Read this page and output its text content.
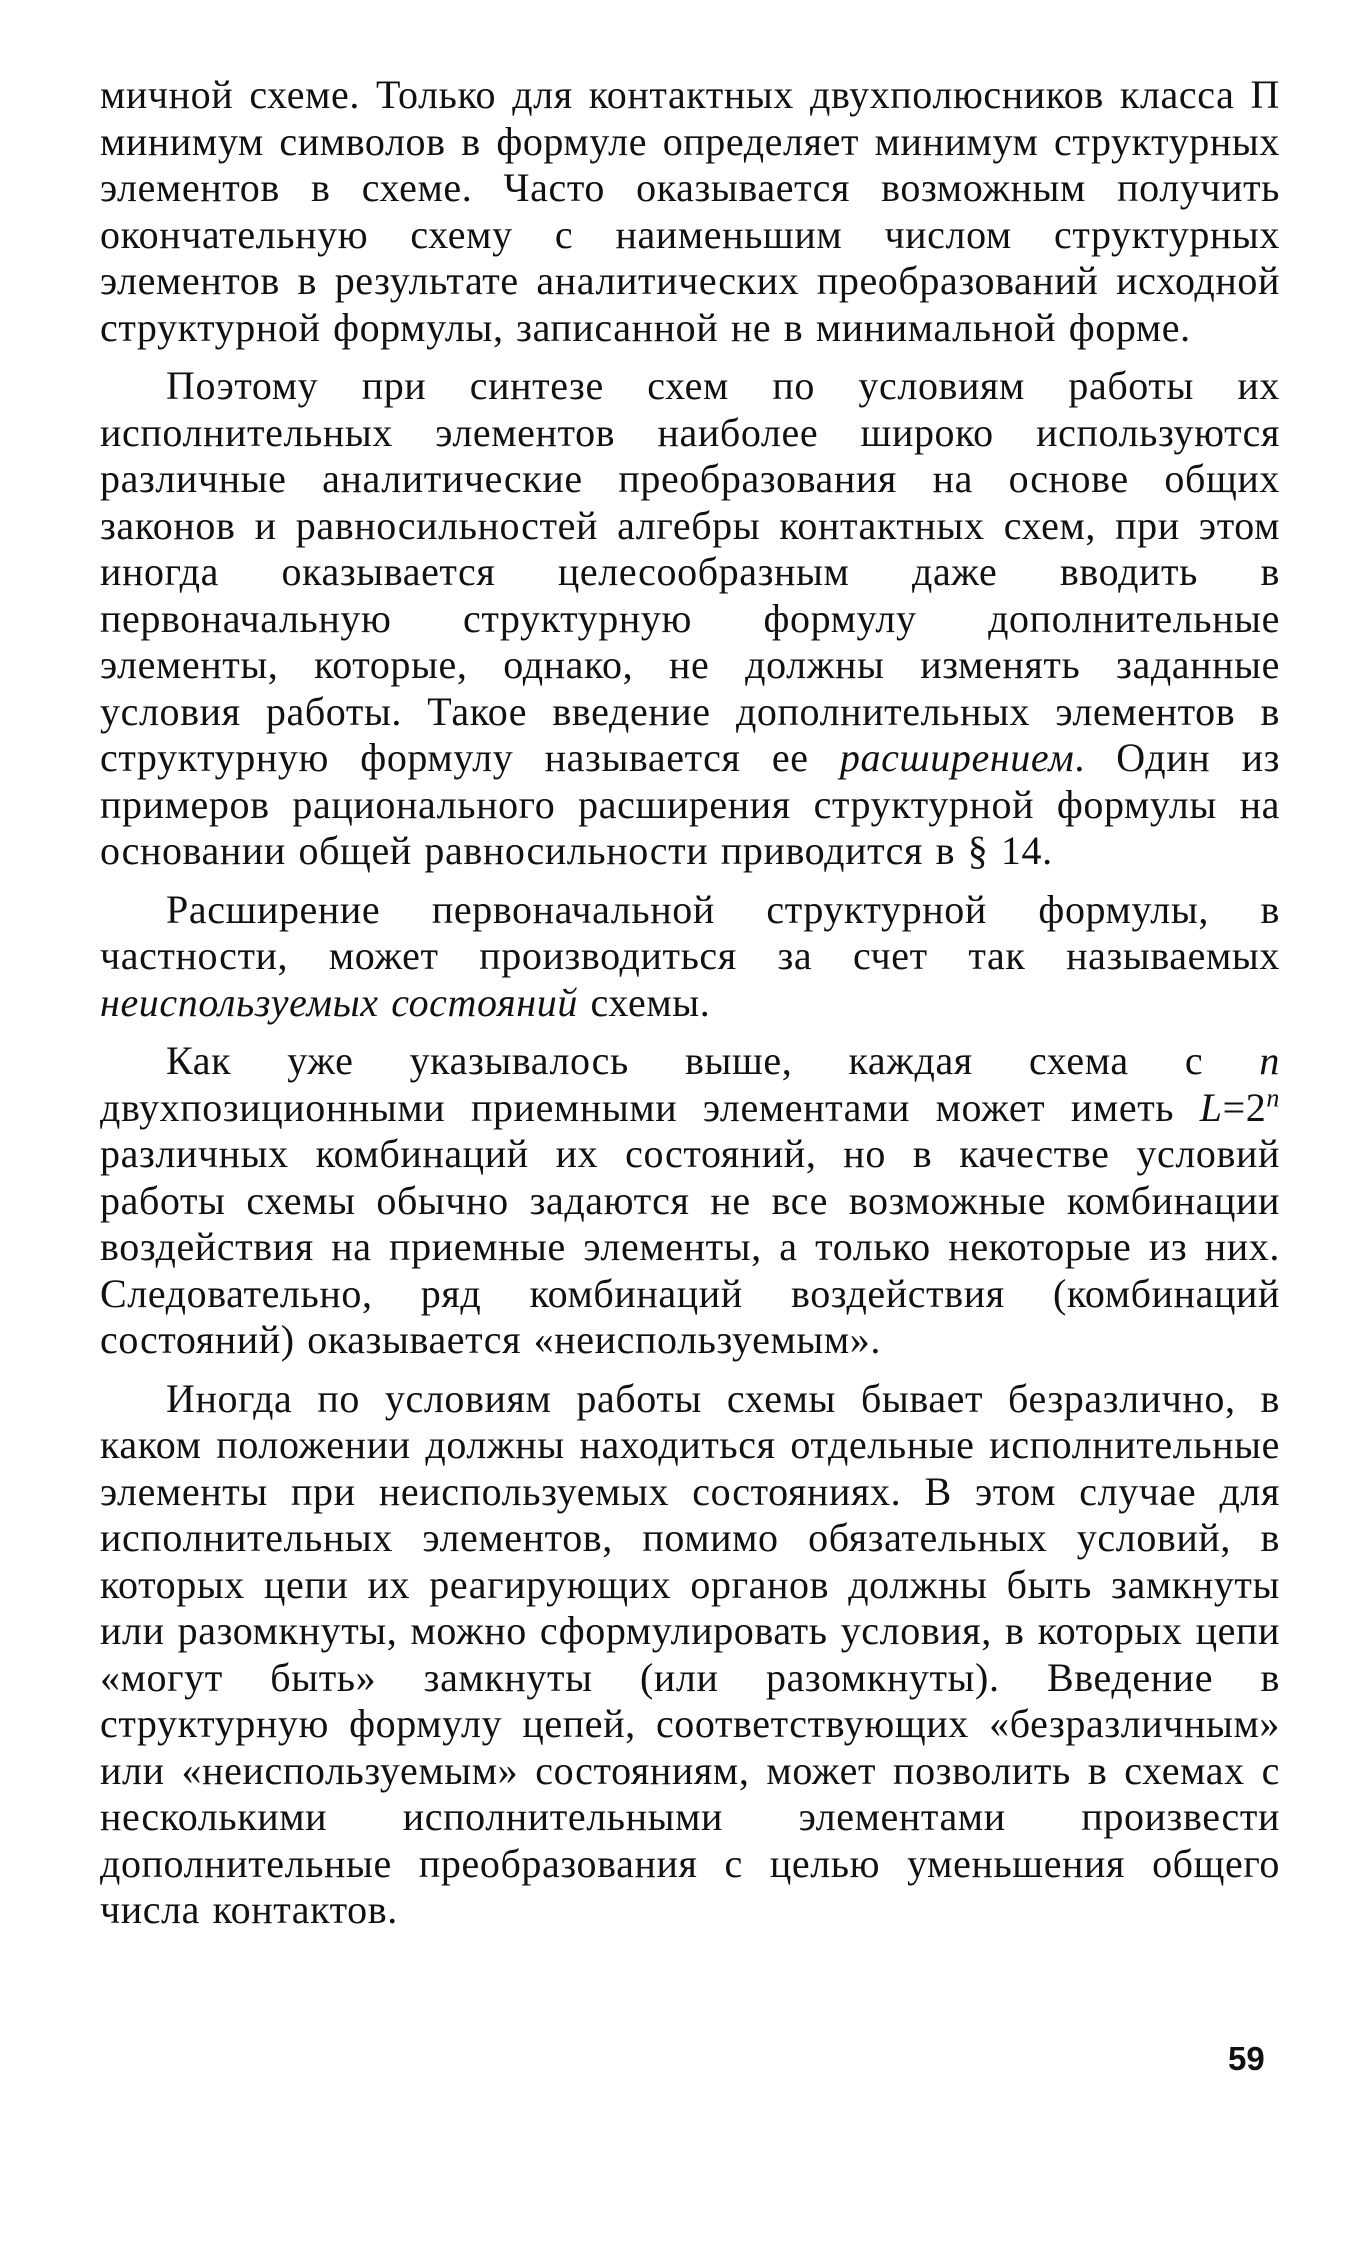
мичной схеме. Только для контактных двухполюсников класса П минимум символов в формуле определяет минимум структурных элементов в схеме. Часто оказывается возможным получить окончательную схему с наименьшим числом структурных элементов в результате аналитических преобразований исходной структурной формулы, записанной не в минимальной форме.

Поэтому при синтезе схем по условиям работы их исполнительных элементов наиболее широко используются различные аналитические преобразования на основе общих законов и равносильностей алгебры контактных схем, при этом иногда оказывается целесообразным даже вводить в первоначальную структурную формулу дополнительные элементы, которые, однако, не должны изменять заданные условия работы. Такое введение дополнительных элементов в структурную формулу называется ее расширением. Один из примеров рационального расширения структурной формулы на основании общей равносильности приводится в § 14.

Расширение первоначальной структурной формулы, в частности, может производиться за счет так называемых неиспользуемых состояний схемы.

Как уже указывалось выше, каждая схема с n двухпозиционными приемными элементами может иметь $L=2^n$ различных комбинаций их состояний, но в качестве условий работы схемы обычно задаются не все возможные комбинации воздействия на приемные элементы, а только некоторые из них. Следовательно, ряд комбинаций воздействия (комбинаций состояний) оказывается «неиспользуемым».

Иногда по условиям работы схемы бывает безразлично, в каком положении должны находиться отдельные исполнительные элементы при неиспользуемых состояниях. В этом случае для исполнительных элементов, помимо обязательных условий, в которых цепи их реагирующих органов должны быть замкнуты или разомкнуты, можно сформулировать условия, в которых цепи «могут быть» замкнуты (или разомкнуты). Введение в структурную формулу цепей, соответствующих «безразличным» или «неиспользуемым» состояниям, может позволить в схемах с несколькими исполнительными элементами произвести дополнительные преобразования с целью уменьшения общего числа контактов.

59
